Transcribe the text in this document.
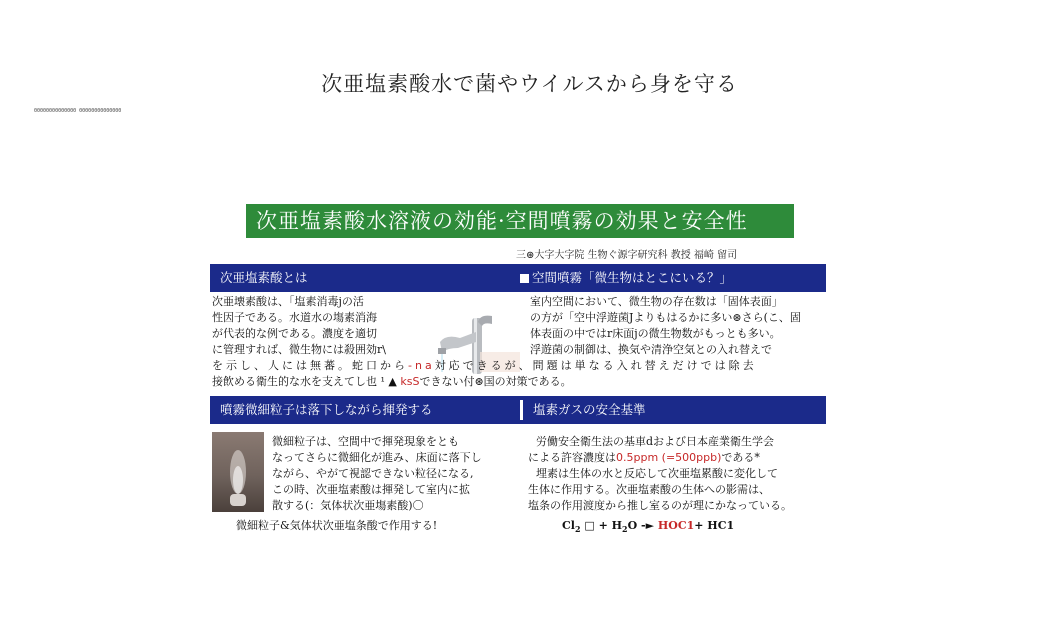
次亜塩素酸水で菌やウイルスから身を守る
00000000000000 00000000000000
次亜塩素酸水溶液の効能·空間噴霧の効果と安全性
三⊛大字大字院 生物ぐ源字研究科 教授 福崎 留司
次亜塩素酸とは	空間噴霧「微生物はとこにいる？」
噴霧微細粒子は落下しながら揮発する	塩素ガスの安全基準
次亜壊素酸は、「塩素消毒jの活
性因子である。水道水の塲素消海
が代表的な例である。濃度を適切
に管理すれば、微生物には殺囲効r\
を示し、人には無蕃。蛇口から-na対応できるが、問題は単なる入れ替えだけでは除去
接飲める衛生的な水を支えてし也 ¹ ▲ ksSできない付⊛国の対策である。
室内空間において、微生物の存在数は「固体表面」
の方が「空中浮遊菌Jよりもはるかに多い⊛さら(こ、固
体表面の中ではr床面jの微生物数がもっとも多い。
浮遊菌の制御は、換気や清浄空気との入れ替えで
微細粒子は、空間中で揮発現象をとも
なってさらに微細化が進み、床面に落下し
ながら、やがて視認できない粒径になる,
この時、次亜塩素酸は揮発して室内に拡
散する(：気体状次亜塲素酸)〇
微細粒子&気体状次亜塩条酸で作用する!
労働安全衛生法の基車dおよび日本産業衛生学会
による許容濃度は0.5ppm (=500ppb)である*
埋素は生体の水と反応して次亜塩累酸に変化して
生体に作用する。次亜塩素酸の生体への影需は、
塩条の作用渡度から推し室るのが理にかなっている。
$Cl_2$ □ + $H_2O$ -► HOC1+ HC1
